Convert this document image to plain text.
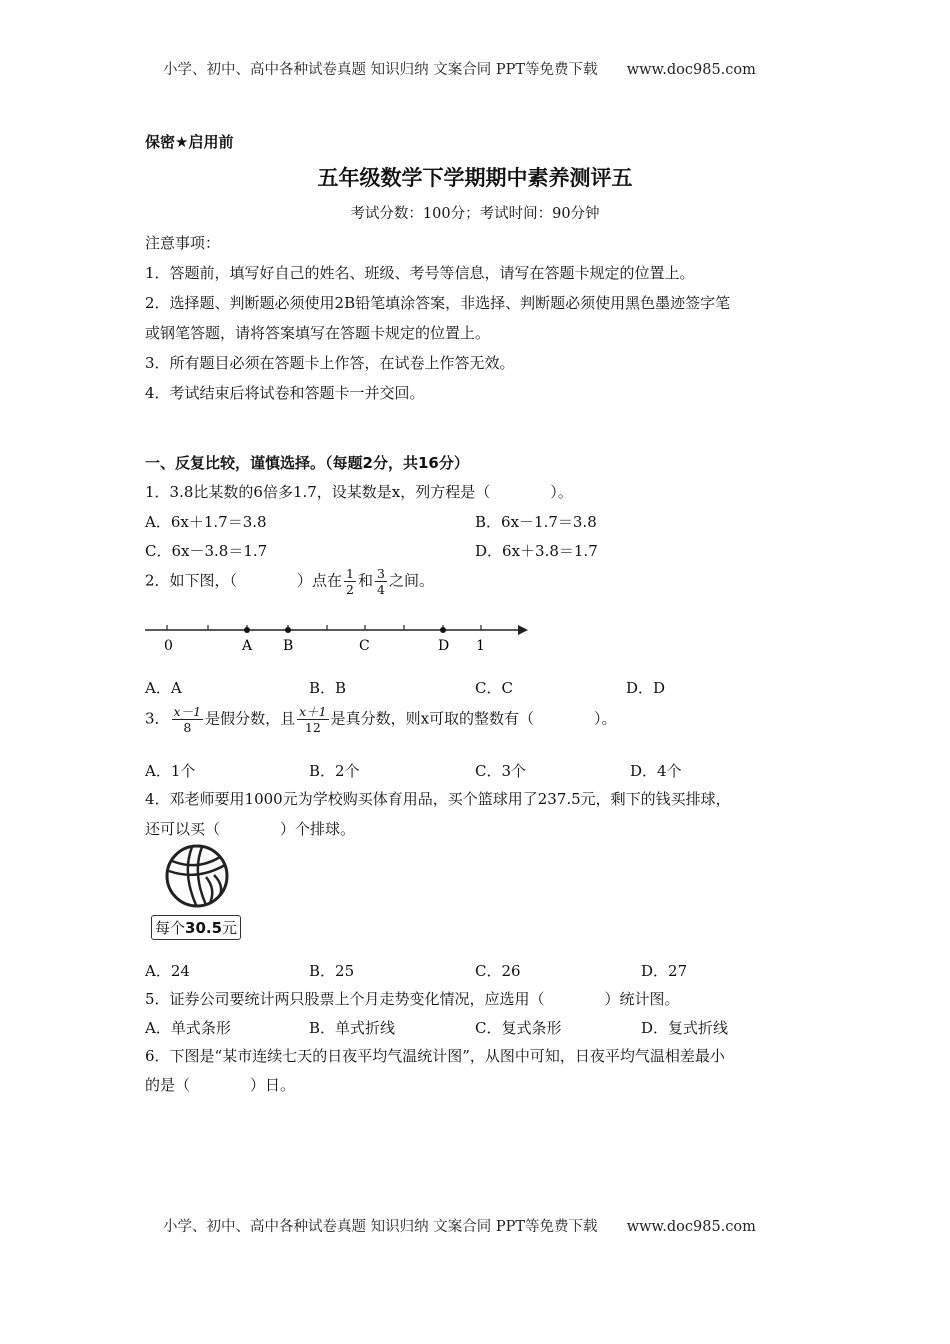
小学、初中、高中各种试卷真题 知识归纳 文案合同 PPT等免费下载 www.doc985.com
保密★启用前
五年级数学下学期期中素养测评五
考试分数：100分；考试时间：90分钟
注意事项：
1．答题前，填写好自己的姓名、班级、考号等信息，请写在答题卡规定的位置上。
2．选择题、判断题必须使用2B铅笔填涂答案，非选择、判断题必须使用黑色墨迹签字笔
或钢笔答题，请将答案填写在答题卡规定的位置上。
3．所有题目必须在答题卡上作答，在试卷上作答无效。
4．考试结束后将试卷和答题卡一并交回。
一、反复比较，谨慎选择。（每题2分，共16分）
1．3.8比某数的6倍多1.7，设某数是x，列方程是（　　　　）。
A．6x＋1.7＝3.8	B．6x－1.7＝3.8
C．6x－3.8＝1.7	D．6x＋3.8＝1.7
2．如下图，（　　　　）点在 $\frac{1}{2}$ 和 $\frac{3}{4}$ 之间。
0	A B	C	D 1
A．A	B．B	C．C	D．D
3． $\frac{x-1}{8}$ 是假分数，且 $\frac{x+1}{12}$ 是真分数，则x可取的整数有（　　　　）。
A．1个	B．2个	C．3个	D．4个
4．邓老师要用1000元为学校购买体育用品，买个篮球用了237.5元，剩下的钱买排球，
还可以买（　　　　）个排球。
每个30.5元
A．24	B．25	C．26	D．27
5．证券公司要统计两只股票上个月走势变化情况，应选用（　　　　）统计图。
A．单式条形	B．单式折线	C．复式条形	D．复式折线
6．下图是“某市连续七天的日夜平均气温统计图”，从图中可知，日夜平均气温相差最小
的是（　　　　）日。
小学、初中、高中各种试卷真题 知识归纳 文案合同 PPT等免费下载 www.doc985.com
